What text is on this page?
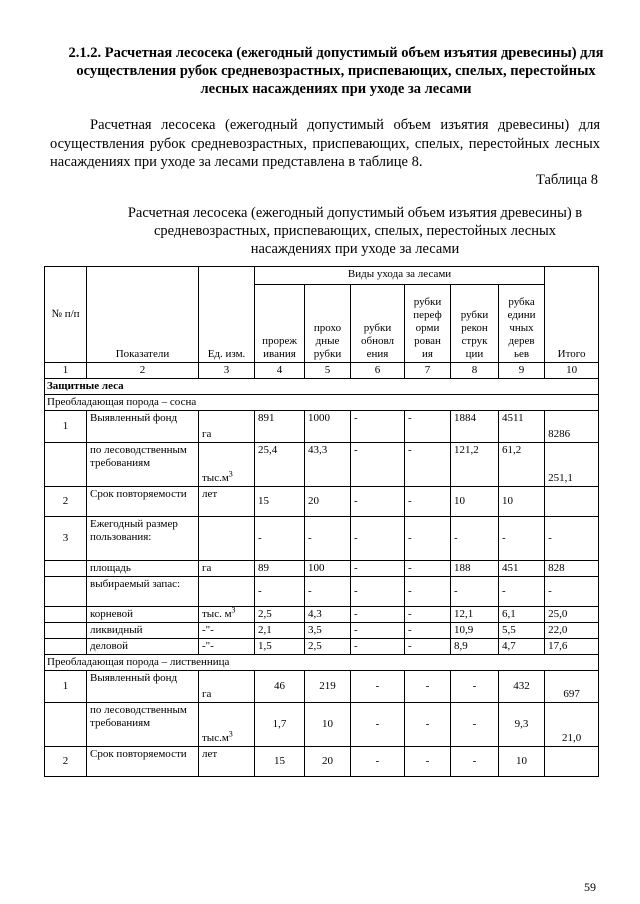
2.1.2. Расчетная лесосека (ежегодный допустимый объем изъятия древесины) для осуществления рубок средневозрастных, приспевающих, спелых, перестойных лесных насаждениях при уходе за лесами

Расчетная лесосека (ежегодный допустимый объем изъятия древесины) для осуществления рубок средневозрастных, приспевающих, спелых, перестойных лесных насаждениях при уходе за лесами представлена в таблице 8.

Таблица 8

Расчетная лесосека (ежегодный допустимый объем изъятия древесины) в средневозрастных, приспевающих, спелых, перестойных лесных насаждениях при уходе за лесами

№ п/п	Показатели	Ед. изм.	Виды ухода за лесами						Итого
			прореж ивания	прохо дные рубки	рубки обновл ения	рубки переф орми рован ия	рубки рекон струк ции	рубка едини чных дерев ьев	
1	2	3	4	5	6	7	8	9	10
Защитные леса									
Преобладающая порода – сосна									
1	Выявленный фонд	га	891	1000	-	-	1884	4511	8286
	по лесоводственным требованиям	$тыс.м^3$	25,4	43,3	-	-	121,2	61,2	251,1
2	Срок повторяемости	лет	15	20	-	-	10	10	
3	Ежегодный размер пользования:		-	-	-	-	-	-	-
	площадь	га	89	100	-	-	188	451	828
	выбираемый запас:		-	-	-	-	-	-	-
	корневой	тыс. $м^3$	2,5	4,3	-	-	12,1	6,1	25,0
	ликвидный	-"-	2,1	3,5	-	-	10,9	5,5	22,0
	деловой	-"-	1,5	2,5	-	-	8,9	4,7	17,6
Преобладающая порода – лиственница									
1	Выявленный фонд	га	46	219	-	-	-	432	697
	по лесоводственным требованиям	$тыс.м^3$	1,7	10	-	-	-	9,3	21,0
2	Срок повторяемости	лет	15	20	-	-	-	10	
59
